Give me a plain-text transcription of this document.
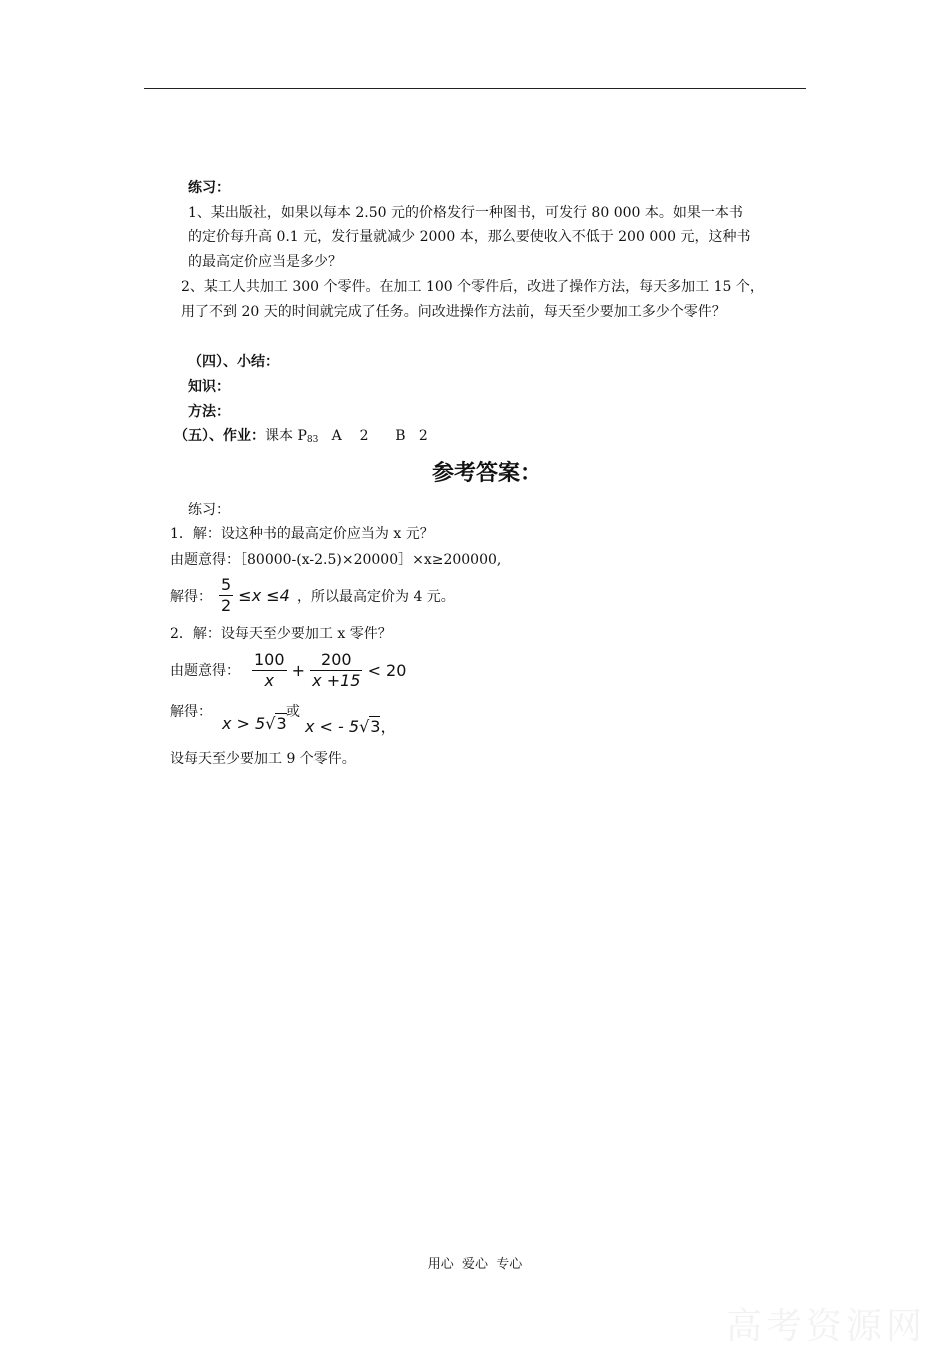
练习：
1、某出版社，如果以每本 2.50 元的价格发行一种图书，可发行 80 000 本。如果一本书
的定价每升高 0.1 元，发行量就减少 2000 本，那么要使收入不低于 200 000 元，这种书
的最高定价应当是多少？
2、某工人共加工 300 个零件。在加工 100 个零件后，改进了操作方法，每天多加工 15 个，
用了不到 20 天的时间就完成了任务。问改进操作方法前，每天至少要加工多少个零件？
（四）、小结：
知识：
方法：
（五）、作业：课本 $P_{83}$   A    2      B   2
参考答案：
练习：
1．解：设这种书的最高定价应当为 x 元？
由题意得：［80000-(x-2.5)×20000］×x≥200000,
解得： $\frac{5}{2} \le x \le 4$ ，所以最高定价为 4 元。
2．解：设每天至少要加工 x 零件？
由题意得： $\frac{100}{x} + \frac{200}{x +15} < 20$
解得：
x > 5√3
或
x < - 5√3，
设每天至少要加工 9 个零件。
用心  爱心  专心
高考资源网
